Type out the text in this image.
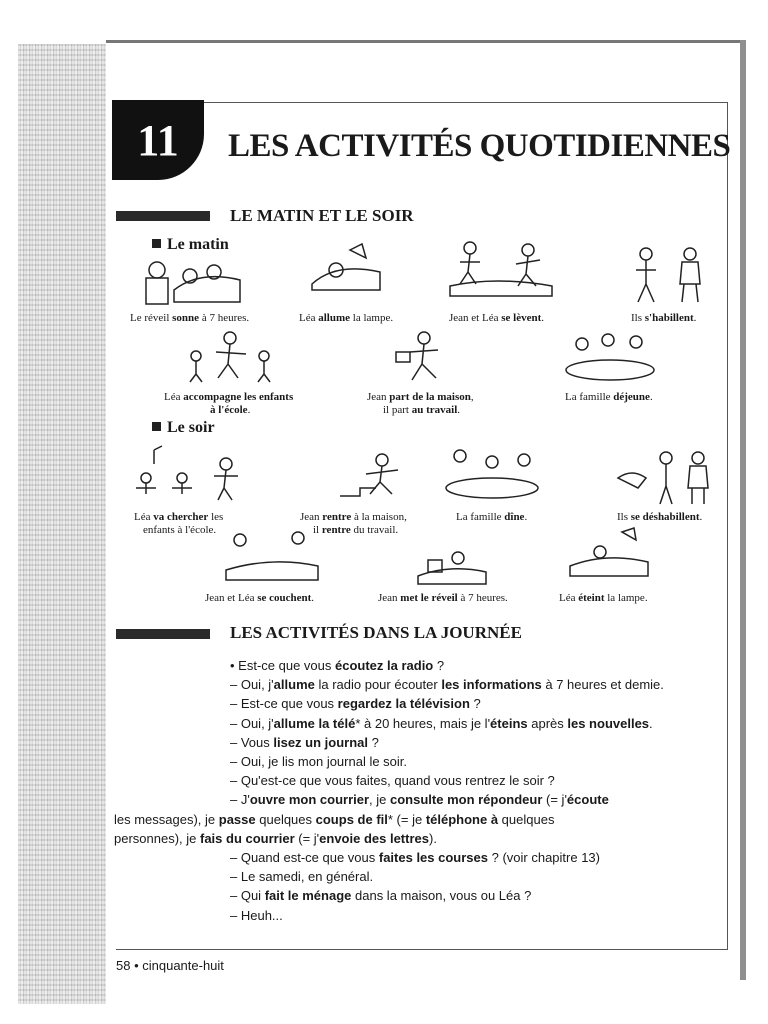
11	LES ACTIVITÉS QUOTIDIENNES
LE MATIN ET LE SOIR
Le matin
Le soir
Le réveil sonne à 7 heures.	Léa allume la lampe.	Jean et Léa se lèvent.	Ils s'habillent.
Léa accompagne les enfants
à l'école.
Jean part de la maison,
il part au travail.
La famille déjeune.
Léa va chercher les
enfants à l'école.
Jean rentre à la maison,
il rentre du travail.
La famille dîne.	Ils se déshabillent.
Jean et Léa se couchent.	Jean met le réveil à 7 heures.	Léa éteint la lampe.
LES ACTIVITÉS DANS LA JOURNÉE
• Est-ce que vous écoutez la radio ?
– Oui, j'allume la radio pour écouter les informations à 7 heures et demie.
– Est-ce que vous regardez la télévision ?
– Oui, j'allume la télé* à 20 heures, mais je l'éteins après les nouvelles.
– Vous lisez un journal ?
– Oui, je lis mon journal le soir.
– Qu'est-ce que vous faites, quand vous rentrez le soir ?
– J'ouvre mon courrier, je consulte mon répondeur (= j'écoute
les messages), je passe quelques coups de fil* (= je téléphone à quelques
personnes), je fais du courrier (= j'envoie des lettres).
– Quand est-ce que vous faites les courses ? (voir chapitre 13)
– Le samedi, en général.
– Qui fait le ménage dans la maison, vous ou Léa ?
– Heuh...
58 • cinquante-huit
